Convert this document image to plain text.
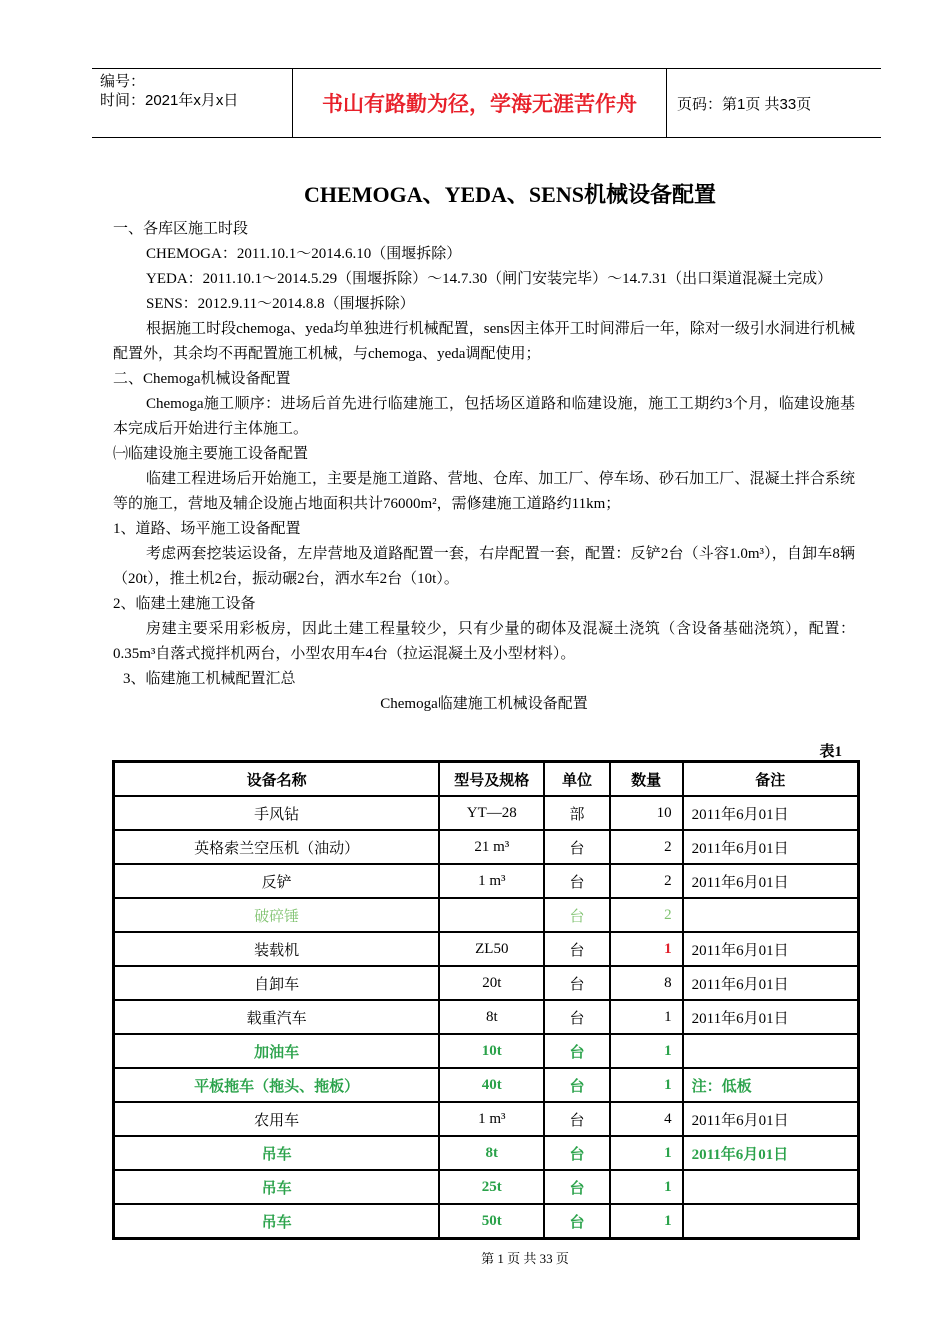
编号：
时间：2021年x月x日	书山有路勤为径，学海无涯苦作舟	页码：第1页 共33页
CHEMOGA、YEDA、SENS机械设备配置

一、各库区施工时段

CHEMOGA：2011.10.1～2014.6.10（围堰拆除）

YEDA：2011.10.1～2014.5.29（围堰拆除）～14.7.30（闸门安装完毕）～14.7.31（出口渠道混凝土完成）

SENS：2012.9.11～2014.8.8（围堰拆除）

根据施工时段chemoga、yeda均单独进行机械配置，sens因主体开工时间滞后一年，除对一级引水洞进行机械配置外，其余均不再配置施工机械，与chemoga、yeda调配使用；

二、Chemoga机械设备配置

Chemoga施工顺序：进场后首先进行临建施工，包括场区道路和临建设施，施工工期约3个月，临建设施基本完成后开始进行主体施工。

㈠临建设施主要施工设备配置

临建工程进场后开始施工，主要是施工道路、营地、仓库、加工厂、停车场、砂石加工厂、混凝土拌合系统等的施工，营地及辅企设施占地面积共计76000m²，需修建施工道路约11km；

1、道路、场平施工设备配置

考虑两套挖装运设备，左岸营地及道路配置一套，右岸配置一套，配置：反铲2台（斗容1.0m³），自卸车8辆（20t），推土机2台，振动碾2台，洒水车2台（10t）。

2、临建土建施工设备

房建主要采用彩板房，因此土建工程量较少，只有少量的砌体及混凝土浇筑（含设备基础浇筑），配置：0.35m³自落式搅拌机两台，小型农用车4台（拉运混凝土及小型材料）。

3、临建施工机械配置汇总

Chemoga临建施工机械设备配置

表1
设备名称	型号及规格	单位	数量	备注
手风钻	YT—28	部	10	2011年6月01日
英格索兰空压机（油动）	21 m³	台	2	2011年6月01日
反铲	1 m³	台	2	2011年6月01日
破碎锤		台	2	
装载机	ZL50	台	1	2011年6月01日
自卸车	20t	台	8	2011年6月01日
载重汽车	8t	台	1	2011年6月01日
加油车	10t	台	1	
平板拖车（拖头、拖板）	40t	台	1	注：低板
农用车	1 m³	台	4	2011年6月01日
吊车	8t	台	1	2011年6月01日
吊车	25t	台	1	
吊车	50t	台	1	
第 1 页 共 33 页
